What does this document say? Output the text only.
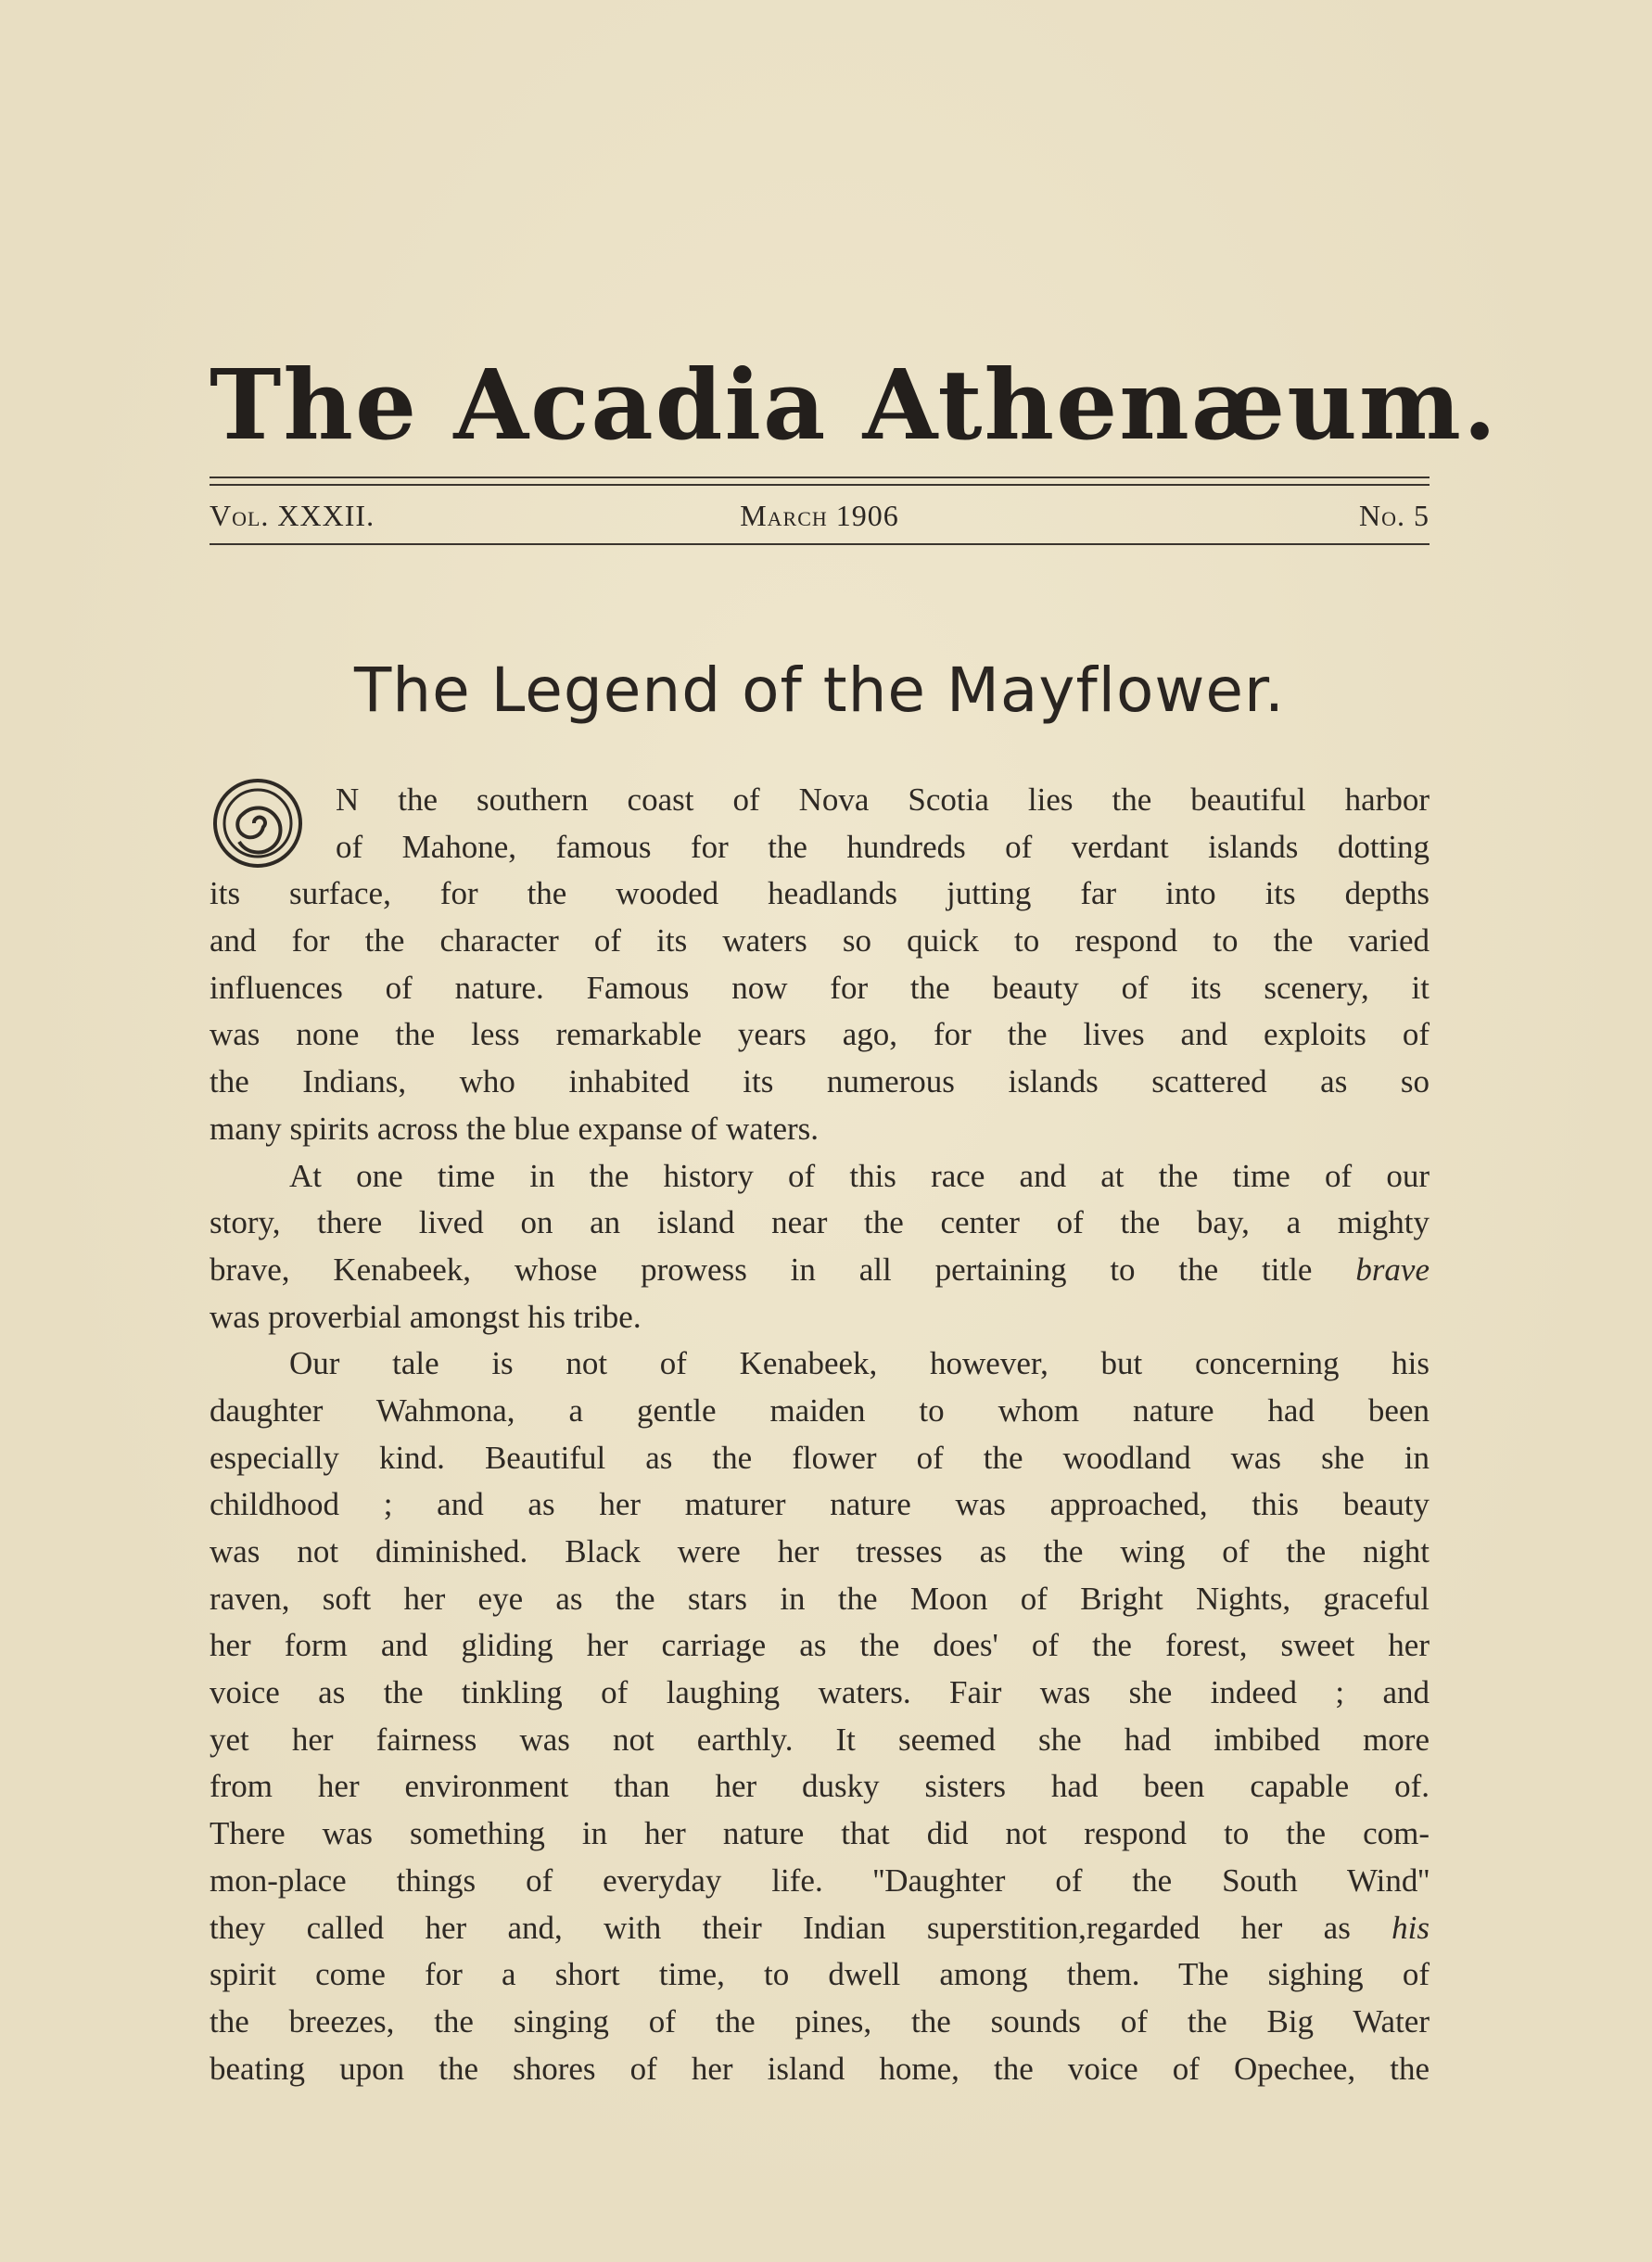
The Acadia Athenæum.
Vol. XXXII.	March 1906	No. 5
The Legend of the Mayflower.
N the southern coast of Nova Scotia lies the beautiful harbor
of Mahone, famous for the hundreds of verdant islands dotting
its surface, for the wooded headlands jutting far into its depths
and for the character of its waters so quick to respond to the varied
influences of nature. Famous now for the beauty of its scenery, it
was none the less remarkable years ago, for the lives and exploits of
the Indians, who inhabited its numerous islands scattered as so
many spirits across the blue expanse of waters.
At one time in the history of this race and at the time of our
story, there lived on an island near the center of the bay, a mighty
brave, Kenabeek, whose prowess in all pertaining to the title brave
was proverbial amongst his tribe.
Our tale is not of Kenabeek, however, but concerning his
daughter Wahmona, a gentle maiden to whom nature had been
especially kind. Beautiful as the flower of the woodland was she in
childhood ; and as her maturer nature was approached, this beauty
was not diminished. Black were her tresses as the wing of the night
raven, soft her eye as the stars in the Moon of Bright Nights, graceful
her form and gliding her carriage as the does' of the forest, sweet her
voice as the tinkling of laughing waters. Fair was she indeed ; and
yet her fairness was not earthly. It seemed she had imbibed more
from her environment than her dusky sisters had been capable of.
There was something in her nature that did not respond to the com-
mon-place things of everyday life. ''Daughter of the South Wind''
they called her and, with their Indian superstition,regarded her as his
spirit come for a short time, to dwell among them. The sighing of
the breezes, the singing of the pines, the sounds of the Big Water
beating upon the shores of her island home, the voice of Opechee, the
